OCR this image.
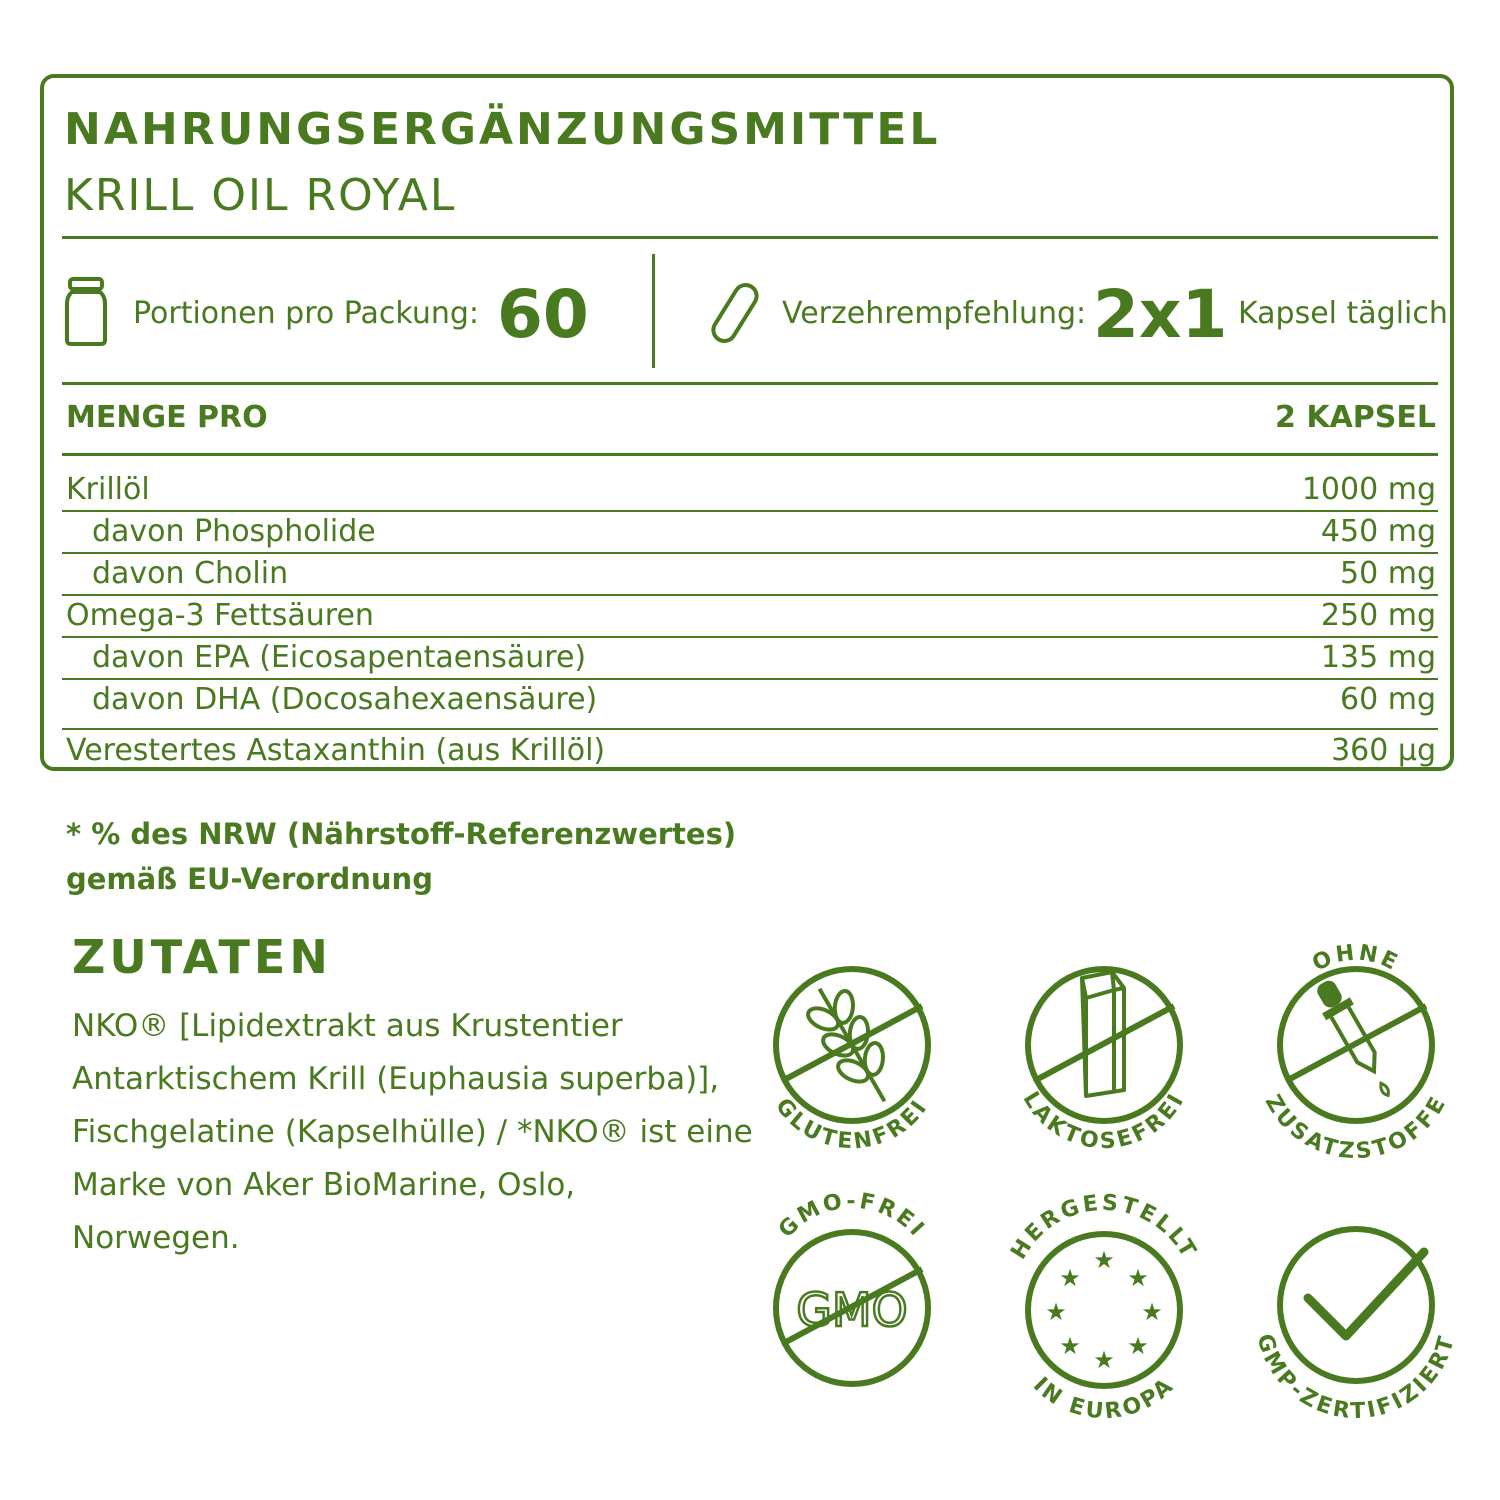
NAHRUNGSERGÄNZUNGSMITTEL
KRILL OIL ROYAL
Portionen pro Packung: 60	Verzehrempfehlung: 2x1 Kapsel täglich
MENGE PRO	2 KAPSEL
Krillöl	1000 mg
davon Phospholide	450 mg
davon Cholin	50 mg
Omega-3 Fettsäuren	250 mg
davon EPA (Eicosapentaensäure)	135 mg
davon DHA (Docosahexaensäure)	60 mg
Verestertes Astaxanthin (aus Krillöl)	360 µg
* % des NRW (Nährstoff-Referenzwertes)
gemäß EU-Verordnung
ZUTATEN
NKO® [Lipidextrakt aus Krustentier
Antarktischem Krill (Euphausia superba)],
Fischgelatine (Kapselhülle) / *NKO® ist eine
Marke von Aker BioMarine, Oslo,
Norwegen.
GLUTENFREI	LAKTOSEFREI
OHNE
ZUSATZSTOFFE
GMO
GMO-FREI
★
★
★
★
★
★
★
★
HERGESTELLT
IN EUROPA
GMP-ZERTIFIZIERT
